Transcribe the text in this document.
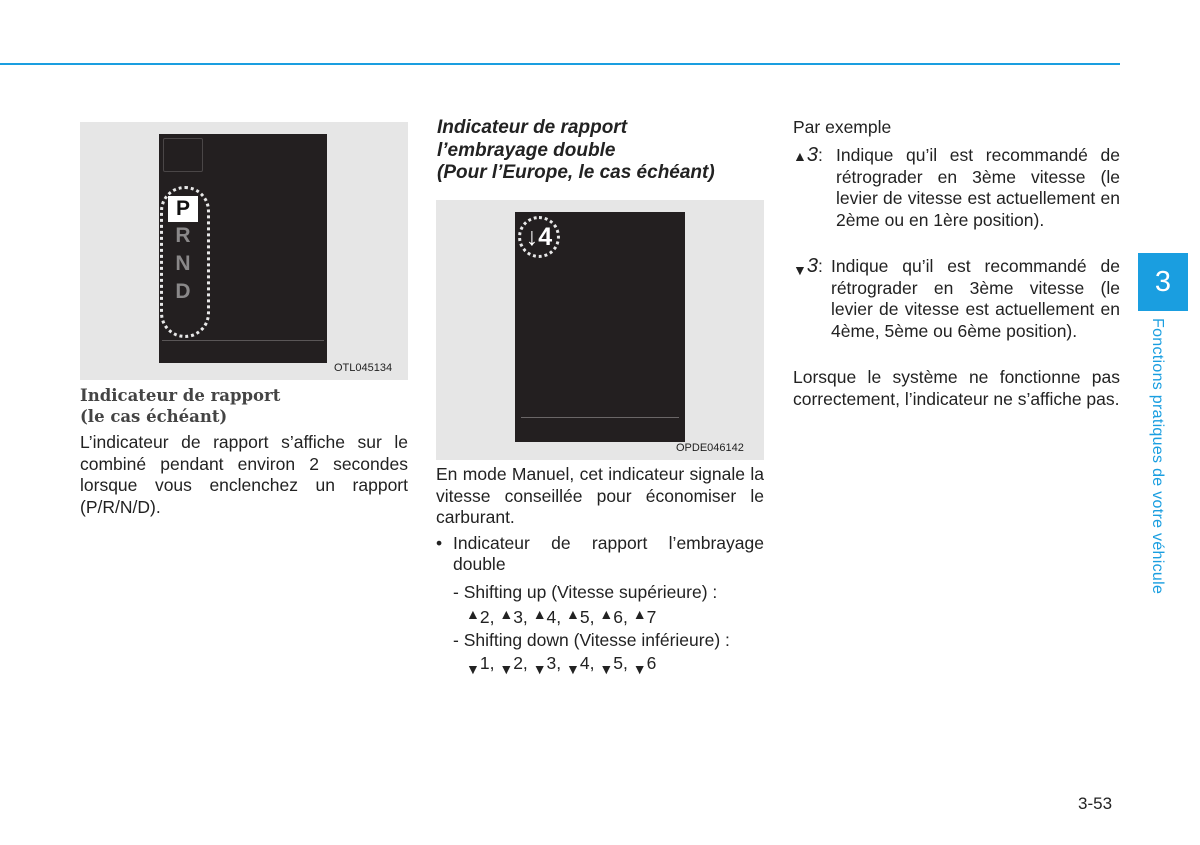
P
R
N
D
OTL045134
Indicateur de rapport
(le cas échéant)
L’indicateur de rapport s’affiche sur le combiné pendant environ 2 secondes lorsque vous enclenchez un rapport (P/R/N/D).
Indicateur de rapport
l’embrayage double
(Pour l’Europe, le cas échéant)
↓4
OPDE046142
En mode Manuel, cet indicateur signale la vitesse conseillée pour économiser le carburant.
• Indicateur de rapport l’embrayage double
- Shifting up (Vitesse supérieure) :
▲2, ▲3, ▲4, ▲5, ▲6, ▲7
- Shifting down (Vitesse inférieure) :
$_▼$1, $_▼$2, $_▼$3, $_▼$4, $_▼$5, $_▼$6
Par exemple
▲3: Indique qu’il est recommandé de rétrograder en 3ème vitesse (le levier de vitesse est actuellement en 2ème ou en 1ère position).
▼3: Indique qu’il est recommandé de rétrograder en 3ème vitesse (le levier de vitesse est actuellement en 4ème, 5ème ou 6ème position).
Lorsque le système ne fonctionne pas correctement, l’indicateur ne s’affiche pas.
3
Fonctions pratiques de votre véhicule
3-53
